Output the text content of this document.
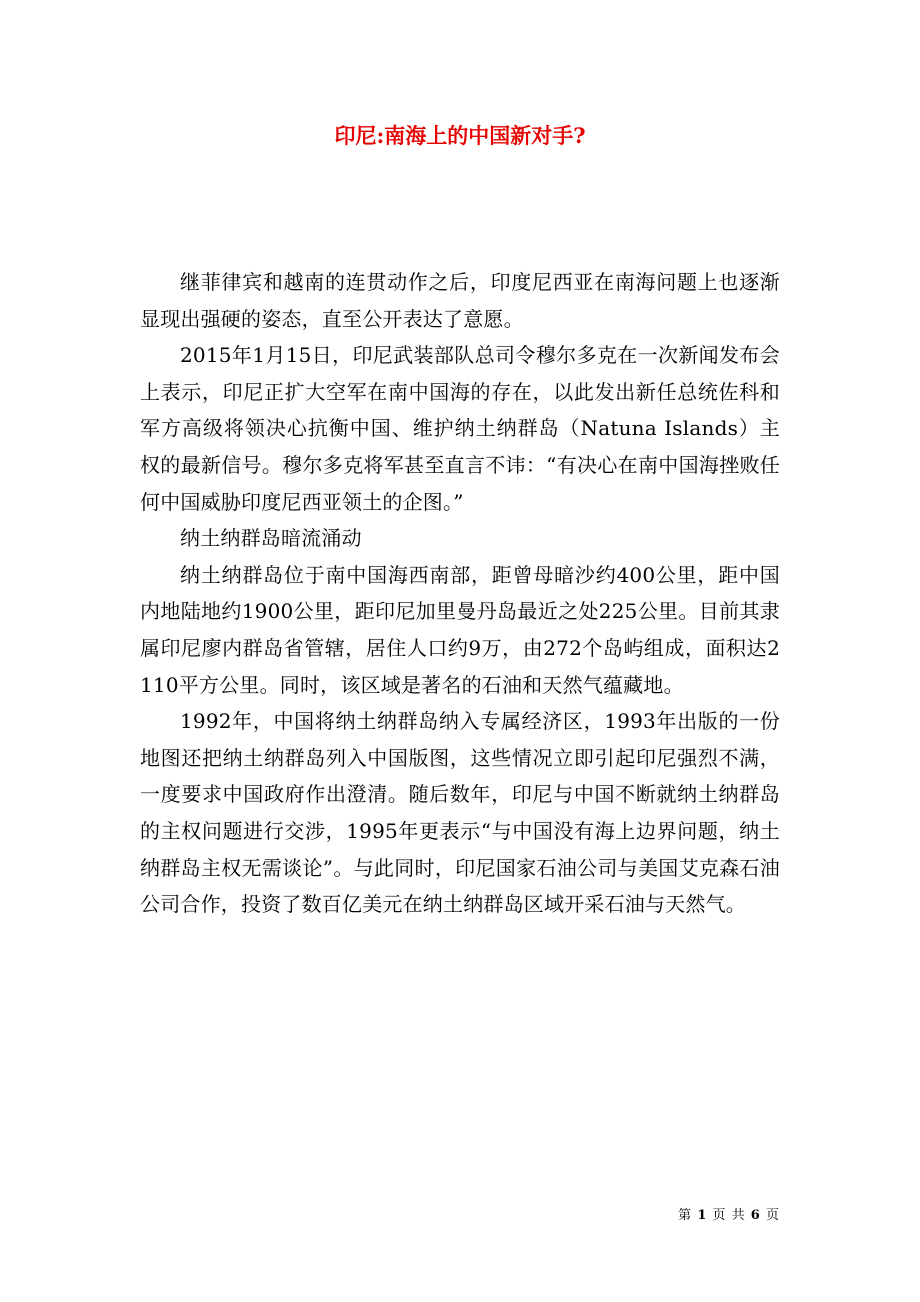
印尼:南海上的中国新对手?

继菲律宾和越南的连贯动作之后，印度尼西亚在南海问题上也逐渐显现出强硬的姿态，直至公开表达了意愿。

2015年1月15日，印尼武装部队总司令穆尔多克在一次新闻发布会上表示，印尼正扩大空军在南中国海的存在，以此发出新任总统佐科和军方高级将领决心抗衡中国、维护纳土纳群岛（Natuna Islands）主权的最新信号。穆尔多克将军甚至直言不讳：“有决心在南中国海挫败任何中国威胁印度尼西亚领土的企图。”

纳土纳群岛暗流涌动

纳土纳群岛位于南中国海西南部，距曾母暗沙约400公里，距中国内地陆地约1900公里，距印尼加里曼丹岛最近之处225公里。目前其隶属印尼廖内群岛省管辖，居住人口约9万，由272个岛屿组成，面积达2 110平方公里。同时，该区域是著名的石油和天然气蕴藏地。

1992年，中国将纳土纳群岛纳入专属经济区，1993年出版的一份地图还把纳土纳群岛列入中国版图，这些情况立即引起印尼强烈不满，一度要求中国政府作出澄清。随后数年，印尼与中国不断就纳土纳群岛的主权问题进行交涉，1995年更表示“与中国没有海上边界问题，纳土纳群岛主权无需谈论”。与此同时，印尼国家石油公司与美国艾克森石油公司合作，投资了数百亿美元在纳土纳群岛区域开采石油与天然气。

第 1 页 共 6 页
